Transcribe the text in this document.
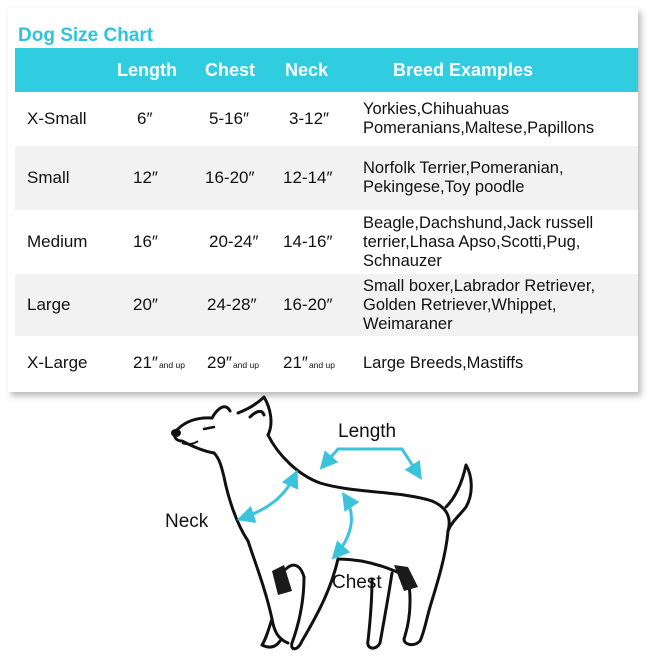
Dog Size Chart
	Length	Chest	Neck	Breed Examples
X-Small	6″	5-16″	3-12″	Yorkies,Chihuahuas
Pomeranians,Maltese,Papillons

Small	12″	16-20″	12-14″	Norfolk Terrier,Pomeranian,
Pekingese,Toy poodle

Medium	16″	20-24″	14-16″	Beagle,Dachshund,Jack russell
terrier,Lhasa Apso,Scotti,Pug,
Schnauzer

Large	20″	24-28″	16-20″	Small boxer,Labrador Retriever,
Golden Retriever,Whippet,
Weimaraner

X-Large	21″and up	29″and up	21″and up	Large Breeds,Mastiffs
Length
Neck
Chest
